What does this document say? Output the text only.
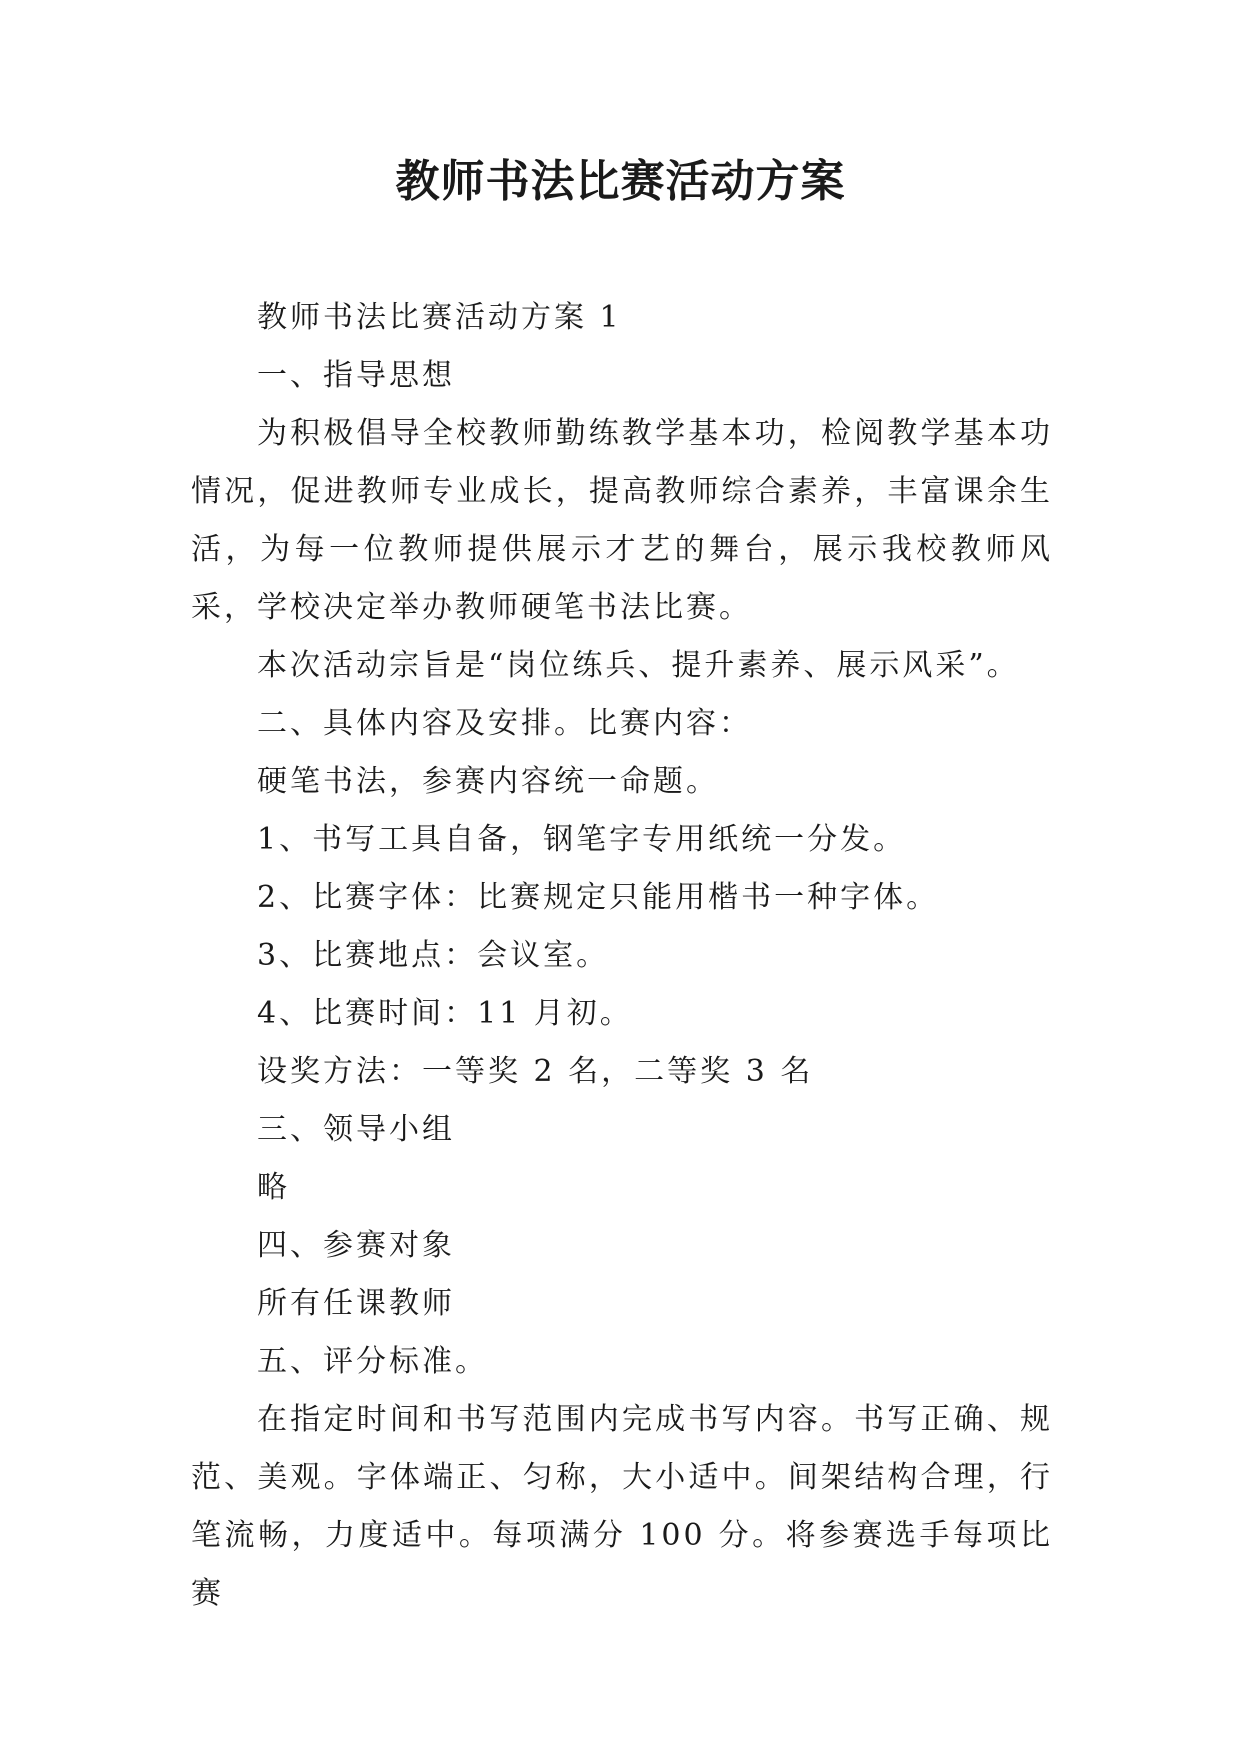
教师书法比赛活动方案

教师书法比赛活动方案 1

一、指导思想

为积极倡导全校教师勤练教学基本功，检阅教学基本功情况，促进教师专业成长，提高教师综合素养，丰富课余生活，为每一位教师提供展示才艺的舞台，展示我校教师风采，学校决定举办教师硬笔书法比赛。

本次活动宗旨是“岗位练兵、提升素养、展示风采”。

二、具体内容及安排。比赛内容：

硬笔书法，参赛内容统一命题。

1、书写工具自备，钢笔字专用纸统一分发。

2、比赛字体：比赛规定只能用楷书一种字体。

3、比赛地点：会议室。

4、比赛时间：11 月初。

设奖方法：一等奖 2 名，二等奖 3 名

三、领导小组

略

四、参赛对象

所有任课教师

五、评分标准。

在指定时间和书写范围内完成书写内容。书写正确、规范、美观。字体端正、匀称，大小适中。间架结构合理，行笔流畅，力度适中。每项满分 100 分。将参赛选手每项比赛
